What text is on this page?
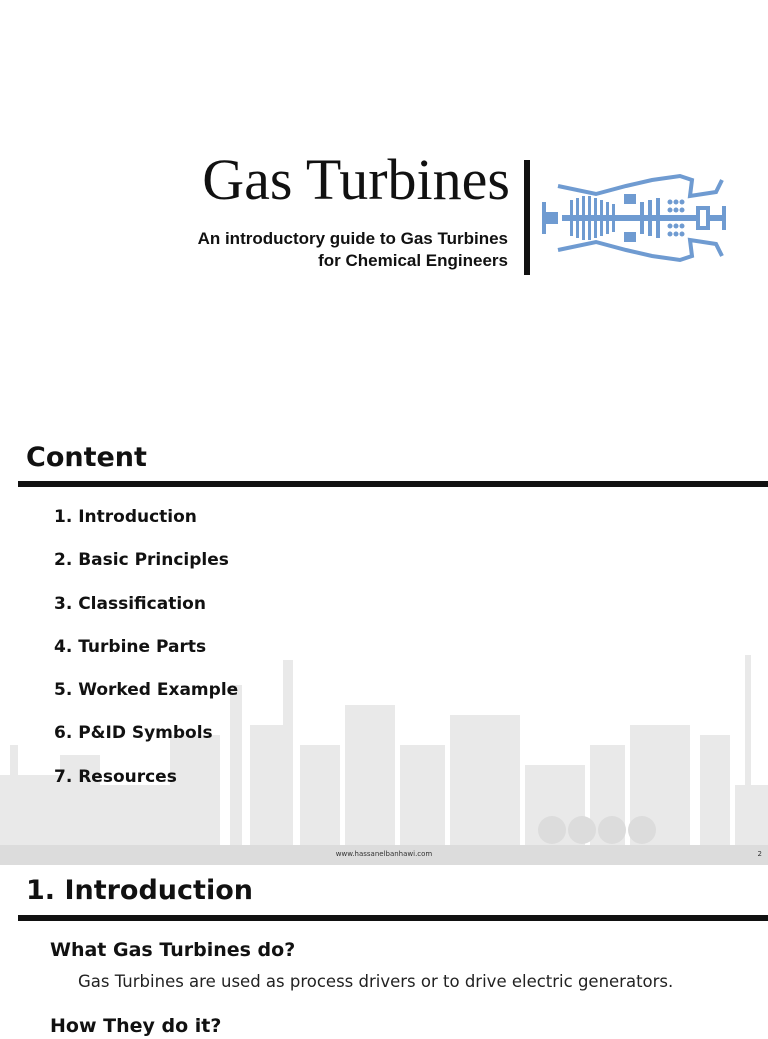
Gas Turbines
An introductory guide to Gas Turbines
for Chemical Engineers
Content
1. Introduction
2. Basic Principles
3. Classification
4. Turbine Parts
5. Worked Example
6. P&ID Symbols
7. Resources
www.hassanelbanhawi.com	2
1. Introduction
What Gas Turbines do?
Gas Turbines are used as process drivers or to drive electric generators.
How They do it?
